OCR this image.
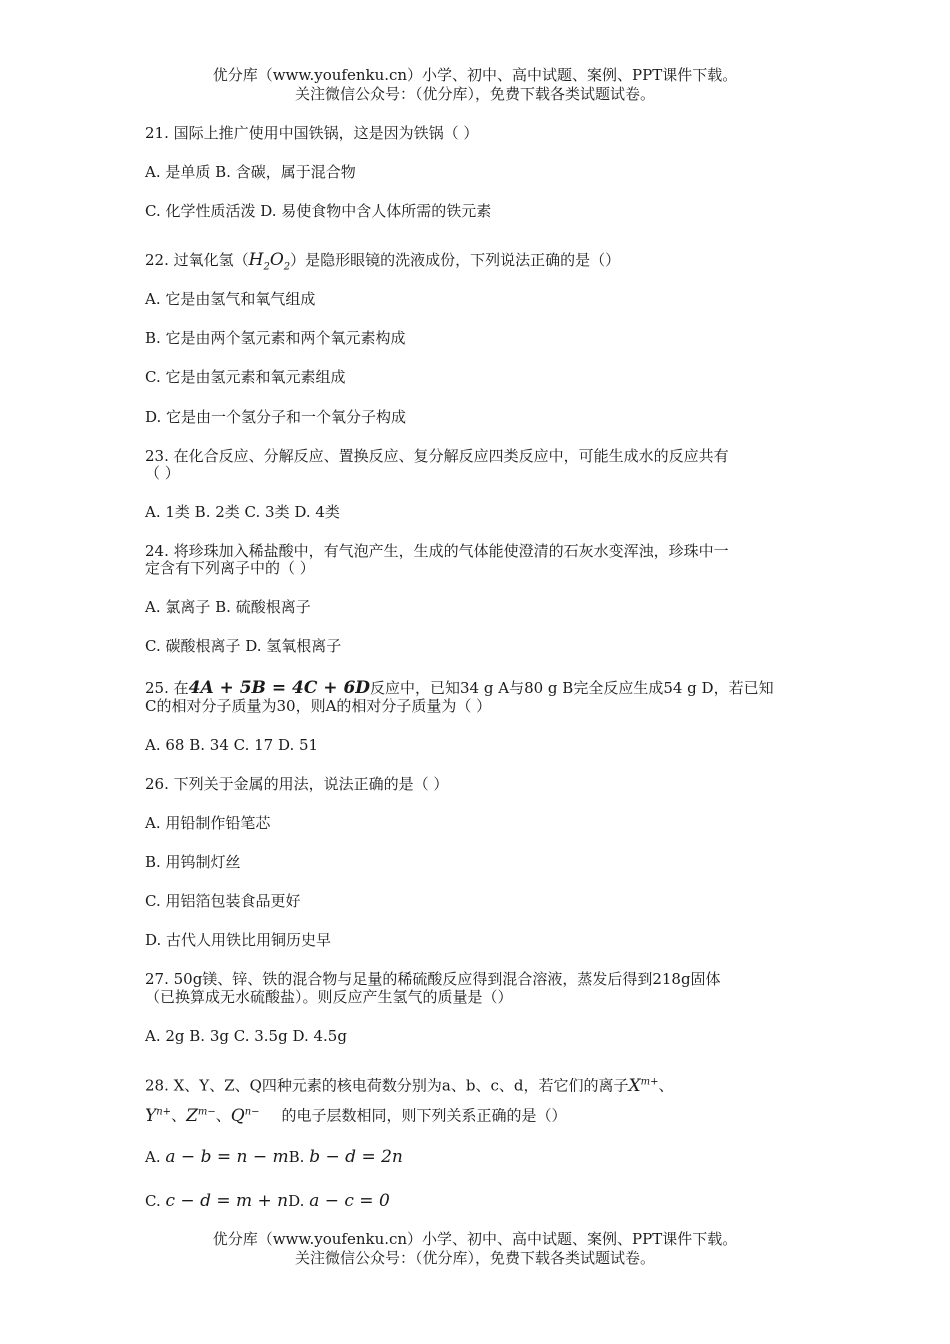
优分库（www.youfenku.cn）小学、初中、高中试题、案例、PPT课件下载。
关注微信公众号：（优分库），免费下载各类试题试卷。
21. 国际上推广使用中国铁锅，这是因为铁锅（ ）
A. 是单质 B. 含碳，属于混合物
C. 化学性质活泼 D. 易使食物中含人体所需的铁元素
22. 过氧化氢$(H_2O_2)$是隐形眼镜的洗液成份，下列说法正确的是（）
A. 它是由氢气和氧气组成
B. 它是由两个氢元素和两个氧元素构成
C. 它是由氢元素和氧元素组成
D. 它是由一个氢分子和一个氧分子构成
23. 在化合反应、分解反应、置换反应、复分解反应四类反应中，可能生成水的反应共有
（ ）
A. 1类 B. 2类 C. 3类 D. 4类
24. 将珍珠加入稀盐酸中，有气泡产生，生成的气体能使澄清的石灰水变浑浊，珍珠中一
定含有下列离子中的（ ）
A. 氯离子 B. 硫酸根离子
C. 碳酸根离子 D. 氢氧根离子
25. 在4A + 5B = 4C + 6D反应中，已知34 g A与80 g B完全反应生成54 g D，若已知
C的相对分子质量为30，则A的相对分子质量为（ ）
A. 68 B. 34 C. 17 D. 51
26. 下列关于金属的用法，说法正确的是（ ）
A. 用铅制作铅笔芯
B. 用钨制灯丝
C. 用铝箔包装食品更好
D. 古代人用铁比用铜历史早
27. 50g镁、锌、铁的混合物与足量的稀硫酸反应得到混合溶液，蒸发后得到218g固体
（已换算成无水硫酸盐）。则反应产生氢气的质量是（）
A. 2g B. 3g C. 3.5g D. 4.5g
28. X、Y、Z、Q四种元素的核电荷数分别为a、b、c、d，若它们的离子$X^{m+}$、
$Y^{n+}$、$Z^{m-}$、$Q^{n-}$ 的电子层数相同，则下列关系正确的是（）
A. a − b = n − mB. b − d = 2n
C. c − d = m + nD. a − c = 0
优分库（www.youfenku.cn）小学、初中、高中试题、案例、PPT课件下载。
关注微信公众号：（优分库），免费下载各类试题试卷。
